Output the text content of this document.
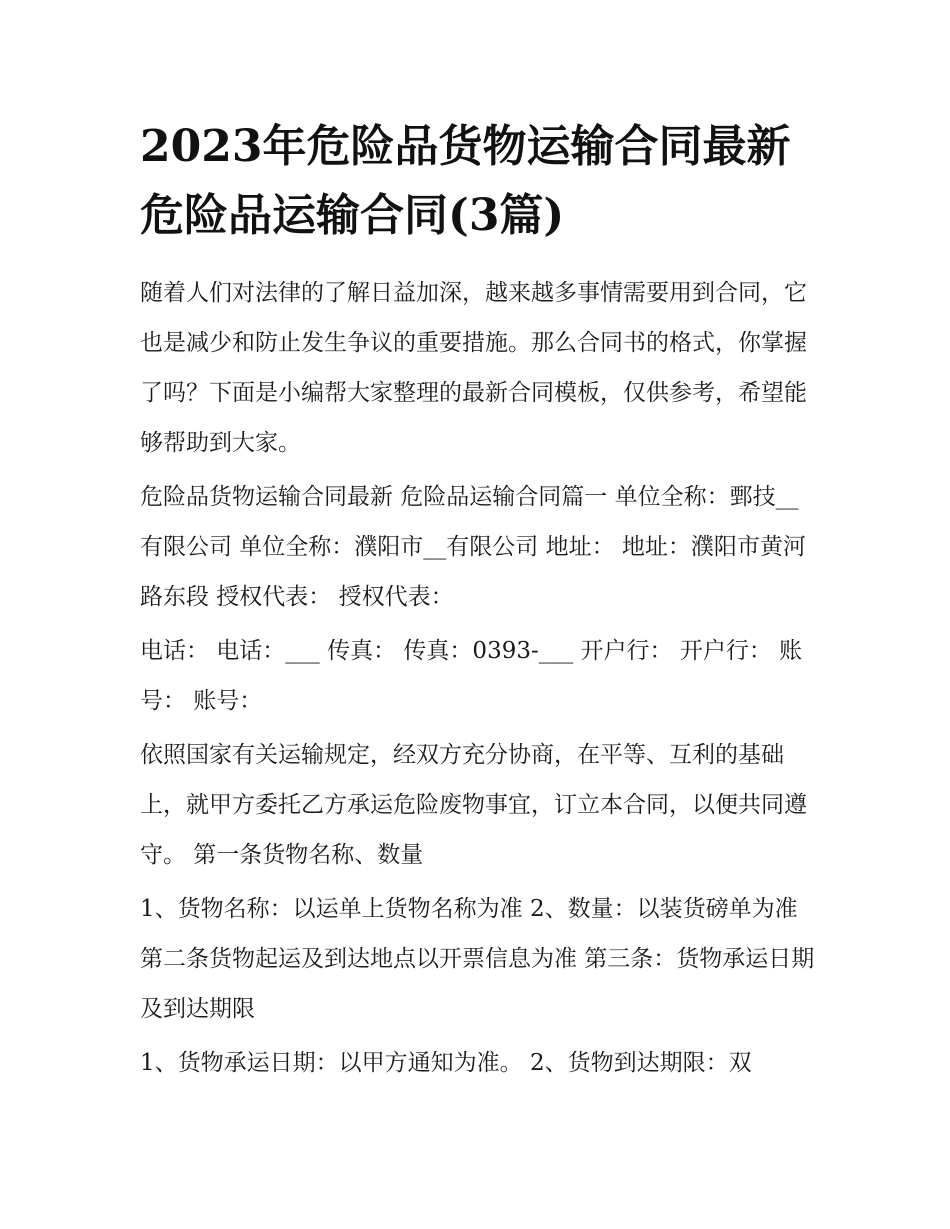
2023年危险品货物运输合同最新 危险品运输合同(3篇)

随着人们对法律的了解日益加深，越来越多事情需要用到合同，它也是减少和防止发生争议的重要措施。那么合同书的格式，你掌握了吗？下面是小编帮大家整理的最新合同模板，仅供参考，希望能够帮助到大家。

危险品货物运输合同最新 危险品运输合同篇一 单位全称：鄄技__有限公司 单位全称：濮阳市__有限公司 地址： 地址：濮阳市黄河路东段 授权代表： 授权代表：

电话： 电话：___ 传真： 传真：0393-___ 开户行： 开户行： 账号： 账号：

依照国家有关运输规定，经双方充分协商，在平等、互利的基础上，就甲方委托乙方承运危险废物事宜，订立本合同，以便共同遵守。 第一条货物名称、数量

1、货物名称：以运单上货物名称为准 2、数量：以装货磅单为准 第二条货物起运及到达地点以开票信息为准 第三条：货物承运日期及到达期限

1、货物承运日期：以甲方通知为准。 2、货物到达期限：双
